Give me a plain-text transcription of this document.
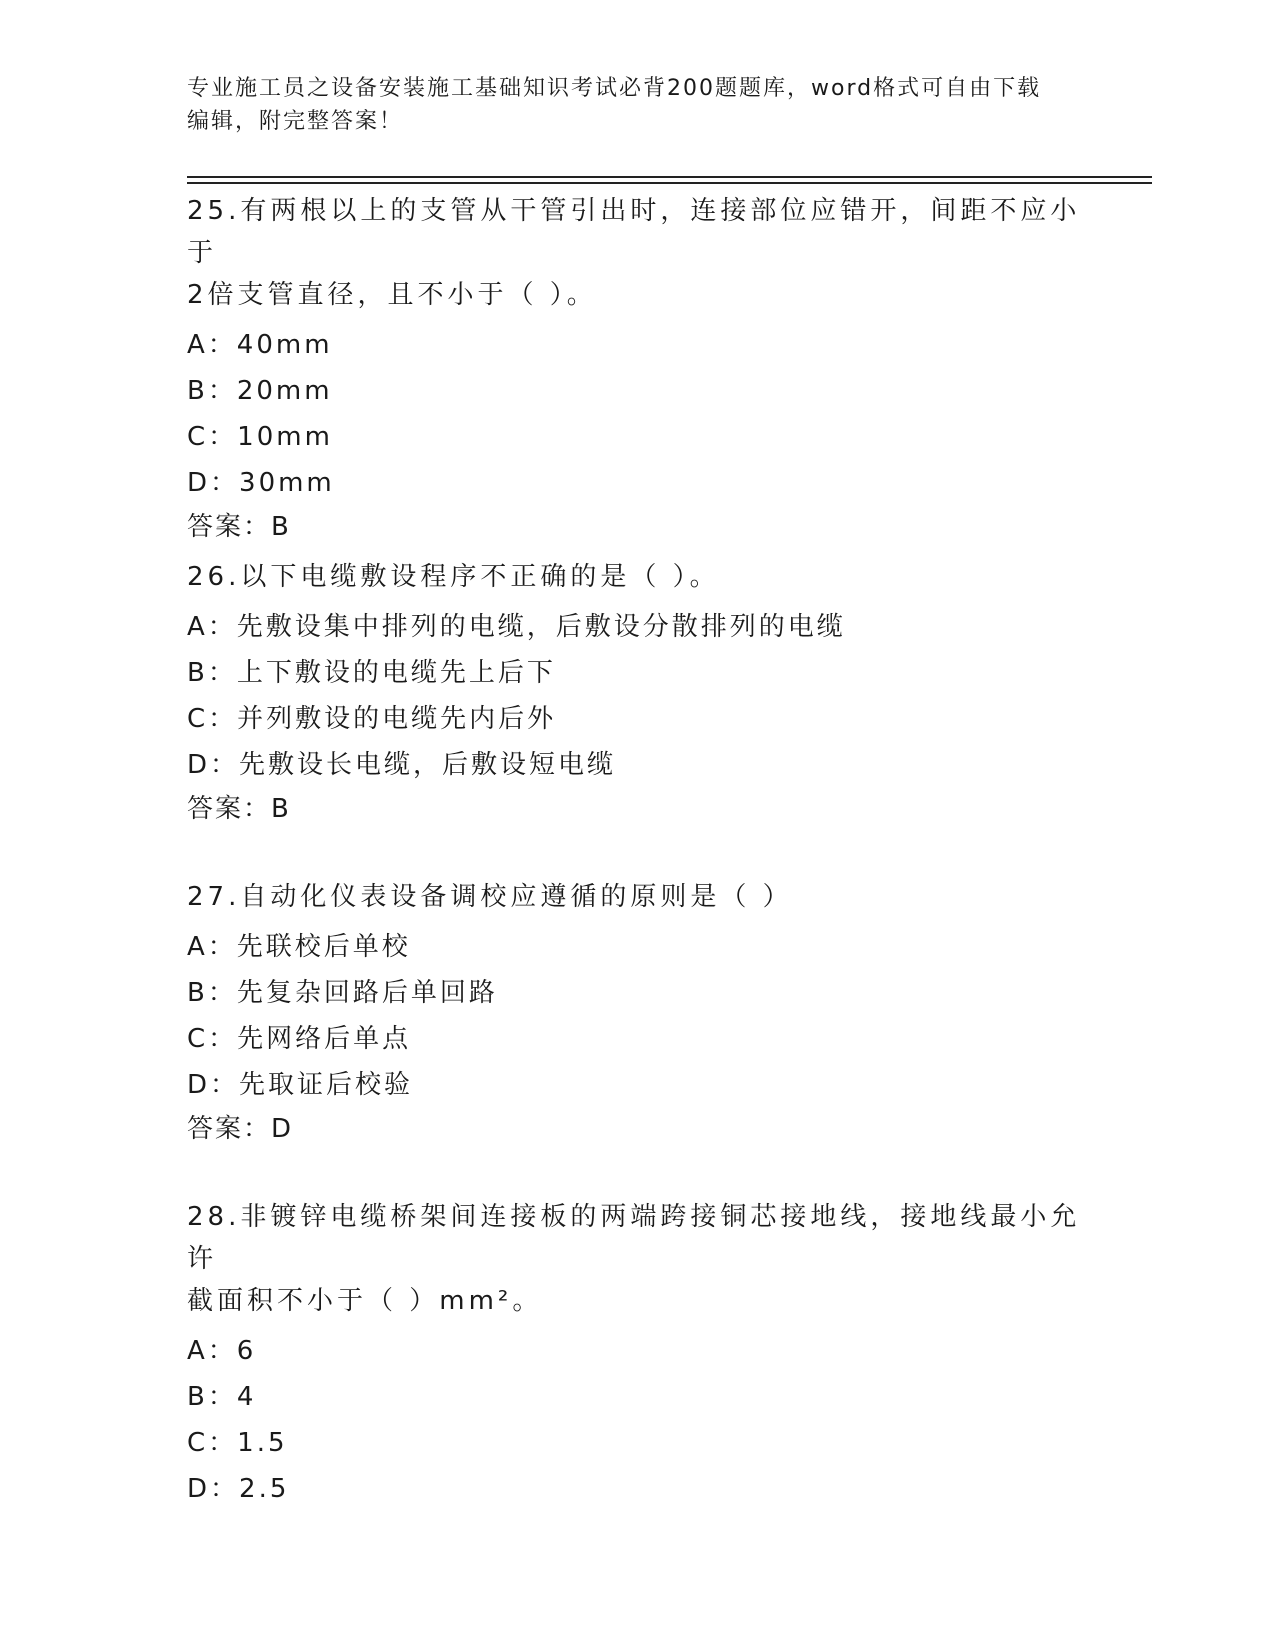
专业施工员之设备安装施工基础知识考试必背200题题库，word格式可自由下载
编辑，附完整答案！

25.有两根以上的支管从干管引出时，连接部位应错开，间距不应小于

2倍支管直径，且不小于（ ）。

A：40mm
B：20mm
C：10mm
D：30mm
答案：B

26.以下电缆敷设程序不正确的是（ ）。

A：先敷设集中排列的电缆，后敷设分散排列的电缆
B：上下敷设的电缆先上后下
C：并列敷设的电缆先内后外
D：先敷设长电缆，后敷设短电缆
答案：B

27.自动化仪表设备调校应遵循的原则是（ ）

A：先联校后单校
B：先复杂回路后单回路
C：先网络后单点
D：先取证后校验
答案：D

28.非镀锌电缆桥架间连接板的两端跨接铜芯接地线，接地线最小允许

截面积不小于（ ）mm²。

A：6
B：4
C：1.5
D：2.5
